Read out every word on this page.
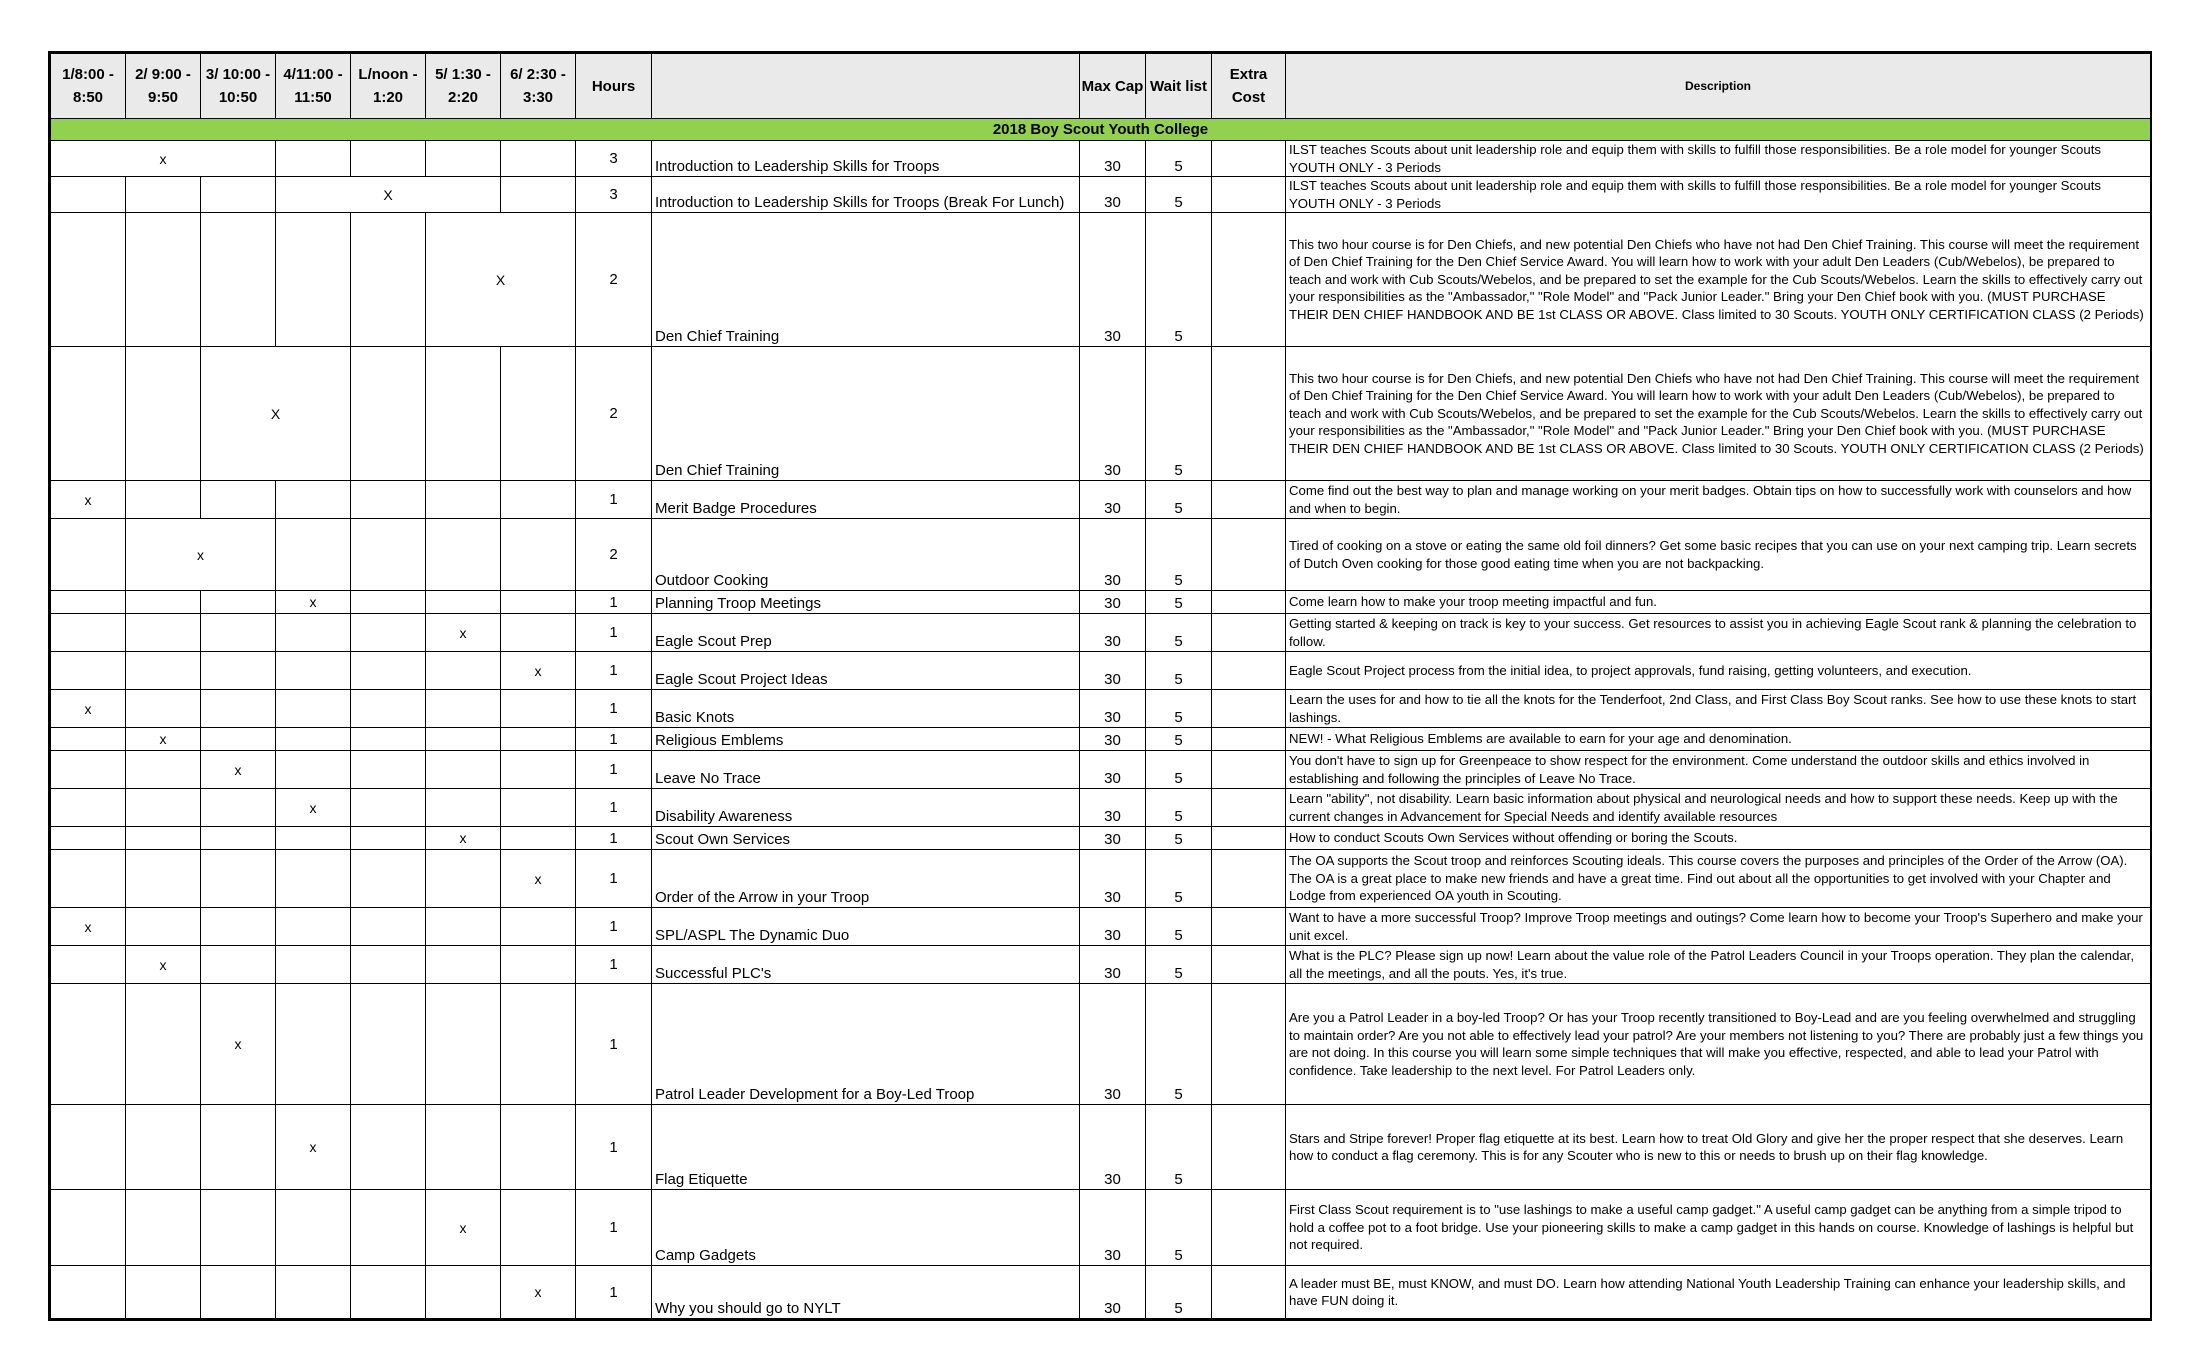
1/8:00 - 8:50	2/ 9:00 - 9:50	3/ 10:00 - 10:50	4/11:00 - 11:50	L/noon - 1:20	5/ 1:30 - 2:20	6/ 2:30 - 3:30	Hours		Max Cap	Wait list	Extra Cost	Description
2018 Boy Scout Youth College												
x							3	Introduction to Leadership Skills for Troops	30	5		ILST teaches Scouts about unit leadership role and equip them with skills to fulfill those responsibilities. Be a role model for younger Scouts YOUTH ONLY - 3 Periods
			X				3	Introduction to Leadership Skills for Troops (Break For Lunch)	30	5		ILST teaches Scouts about unit leadership role and equip them with skills to fulfill those responsibilities. Be a role model for younger Scouts YOUTH ONLY - 3 Periods
					X		2	Den Chief Training	30	5		This two hour course is for Den Chiefs, and new potential Den Chiefs who have not had Den Chief Training. This course will meet the requirement of Den Chief Training for the Den Chief Service Award. You will learn how to work with your adult Den Leaders (Cub/Webelos), be prepared to teach and work with Cub Scouts/Webelos, and be prepared to set the example for the Cub Scouts/Webelos. Learn the skills to effectively carry out your responsibilities as the "Ambassador," "Role Model" and "Pack Junior Leader." Bring your Den Chief book with you. (MUST PURCHASE THEIR DEN CHIEF HANDBOOK AND BE 1st CLASS OR ABOVE. Class limited to 30 Scouts. YOUTH ONLY CERTIFICATION CLASS (2 Periods)
		X					2	Den Chief Training	30	5		This two hour course is for Den Chiefs, and new potential Den Chiefs who have not had Den Chief Training. This course will meet the requirement of Den Chief Training for the Den Chief Service Award. You will learn how to work with your adult Den Leaders (Cub/Webelos), be prepared to teach and work with Cub Scouts/Webelos, and be prepared to set the example for the Cub Scouts/Webelos. Learn the skills to effectively carry out your responsibilities as the "Ambassador," "Role Model" and "Pack Junior Leader." Bring your Den Chief book with you. (MUST PURCHASE THEIR DEN CHIEF HANDBOOK AND BE 1st CLASS OR ABOVE. Class limited to 30 Scouts. YOUTH ONLY CERTIFICATION CLASS (2 Periods)
x							1	Merit Badge Procedures	30	5		Come find out the best way to plan and manage working on your merit badges. Obtain tips on how to successfully work with counselors and how and when to begin.
	x						2	Outdoor Cooking	30	5		Tired of cooking on a stove or eating the same old foil dinners? Get some basic recipes that you can use on your next camping trip. Learn secrets of Dutch Oven cooking for those good eating time when you are not backpacking.
			x				1	Planning Troop Meetings	30	5		Come learn how to make your troop meeting impactful and fun.
					x		1	Eagle Scout Prep	30	5		Getting started & keeping on track is key to your success. Get resources to assist you in achieving Eagle Scout rank & planning the celebration to follow.
						x	1	Eagle Scout Project Ideas	30	5		Eagle Scout Project process from the initial idea, to project approvals, fund raising, getting volunteers, and execution.
x							1	Basic Knots	30	5		Learn the uses for and how to tie all the knots for the Tenderfoot, 2nd Class, and First Class Boy Scout ranks. See how to use these knots to start lashings.
	x						1	Religious Emblems	30	5		NEW! - What Religious Emblems are available to earn for your age and denomination.
		x					1	Leave No Trace	30	5		You don't have to sign up for Greenpeace to show respect for the environment. Come understand the outdoor skills and ethics involved in establishing and following the principles of Leave No Trace.
			x				1	Disability Awareness	30	5		Learn "ability", not disability. Learn basic information about physical and neurological needs and how to support these needs. Keep up with the current changes in Advancement for Special Needs and identify available resources
					x		1	Scout Own Services	30	5		How to conduct Scouts Own Services without offending or boring the Scouts.
						x	1	Order of the Arrow in your Troop	30	5		The OA supports the Scout troop and reinforces Scouting ideals. This course covers the purposes and principles of the Order of the Arrow (OA). The OA is a great place to make new friends and have a great time. Find out about all the opportunities to get involved with your Chapter and Lodge from experienced OA youth in Scouting.
x							1	SPL/ASPL The Dynamic Duo	30	5		Want to have a more successful Troop? Improve Troop meetings and outings? Come learn how to become your Troop's Superhero and make your unit excel.
	x						1	Successful PLC's	30	5		What is the PLC? Please sign up now! Learn about the value role of the Patrol Leaders Council in your Troops operation. They plan the calendar, all the meetings, and all the pouts. Yes, it's true.
		x					1	Patrol Leader Development for a Boy-Led Troop	30	5		Are you a Patrol Leader in a boy-led Troop? Or has your Troop recently transitioned to Boy-Lead and are you feeling overwhelmed and struggling to maintain order? Are you not able to effectively lead your patrol? Are your members not listening to you? There are probably just a few things you are not doing. In this course you will learn some simple techniques that will make you effective, respected, and able to lead your Patrol with confidence. Take leadership to the next level. For Patrol Leaders only.
			x				1	Flag Etiquette	30	5		Stars and Stripe forever! Proper flag etiquette at its best. Learn how to treat Old Glory and give her the proper respect that she deserves. Learn how to conduct a flag ceremony. This is for any Scouter who is new to this or needs to brush up on their flag knowledge.
					x		1	Camp Gadgets	30	5		First Class Scout requirement is to "use lashings to make a useful camp gadget." A useful camp gadget can be anything from a simple tripod to hold a coffee pot to a foot bridge. Use your pioneering skills to make a camp gadget in this hands on course. Knowledge of lashings is helpful but not required.
						x	1	Why you should go to NYLT	30	5		A leader must BE, must KNOW, and must DO. Learn how attending National Youth Leadership Training can enhance your leadership skills, and have FUN doing it.
